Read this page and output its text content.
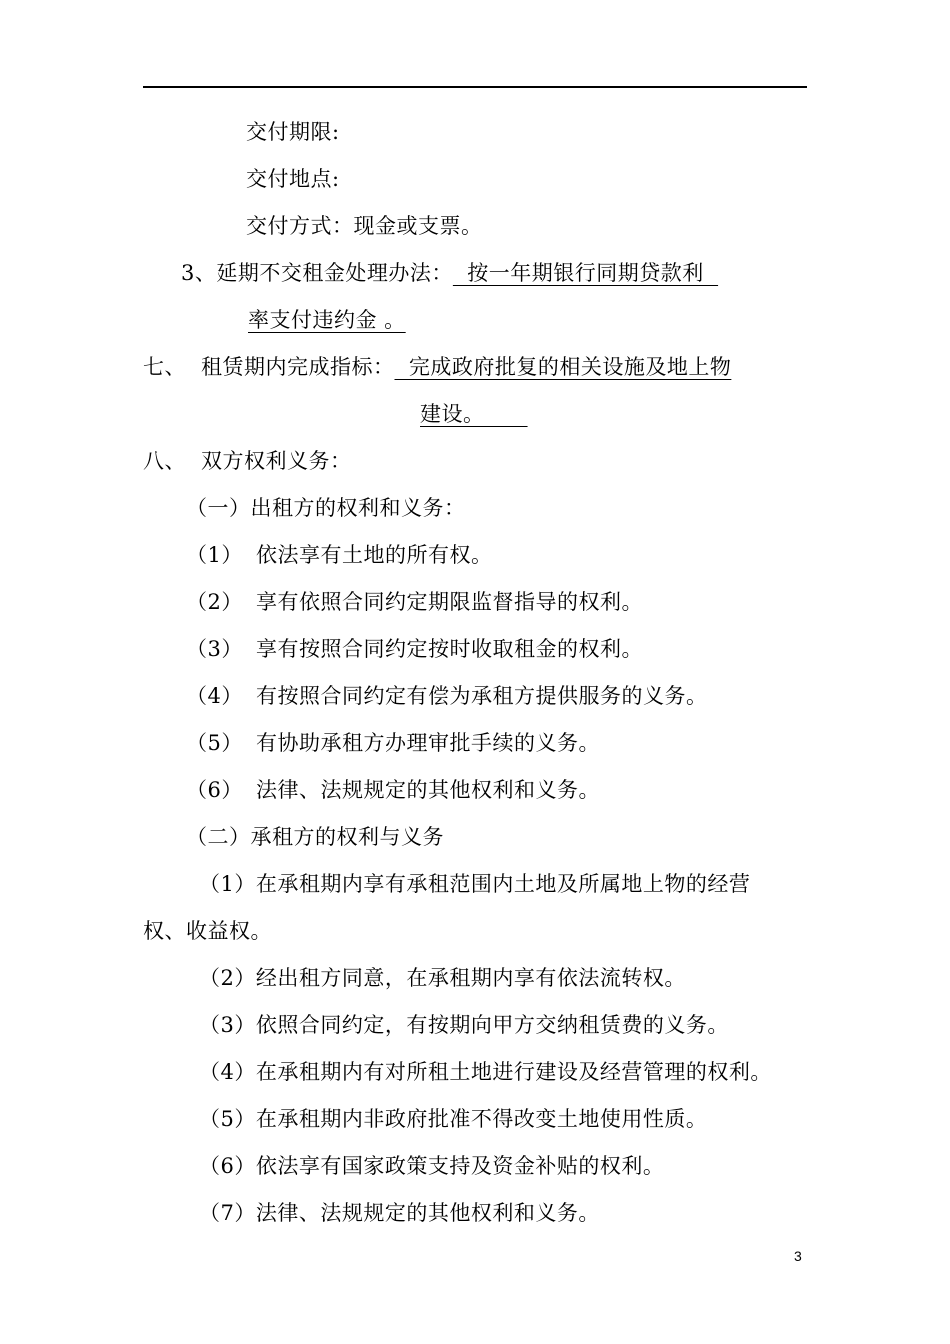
交付期限:
交付地点:
交付方式：现金或支票。
3、延期不交租金处理办法：  按一年期银行同期贷款利
率支付违约金 。
七、 租赁期内完成指标：  完成政府批复的相关设施及地上物
建设。
八、 双方权利义务：
（一）出租方的权利和义务：
（1） 依法享有土地的所有权。
（2） 享有依照合同约定期限监督指导的权利。
（3） 享有按照合同约定按时收取租金的权利。
（4） 有按照合同约定有偿为承租方提供服务的义务。
（5） 有协助承租方办理审批手续的义务。
（6） 法律、法规规定的其他权利和义务。
（二）承租方的权利与义务
（1）在承租期内享有承租范围内土地及所属地上物的经营
权、收益权。
（2）经出租方同意，在承租期内享有依法流转权。
（3）依照合同约定，有按期向甲方交纳租赁费的义务。
（4）在承租期内有对所租土地进行建设及经营管理的权利。
（5）在承租期内非政府批准不得改变土地使用性质。
（6）依法享有国家政策支持及资金补贴的权利。
（7）法律、法规规定的其他权利和义务。
3
